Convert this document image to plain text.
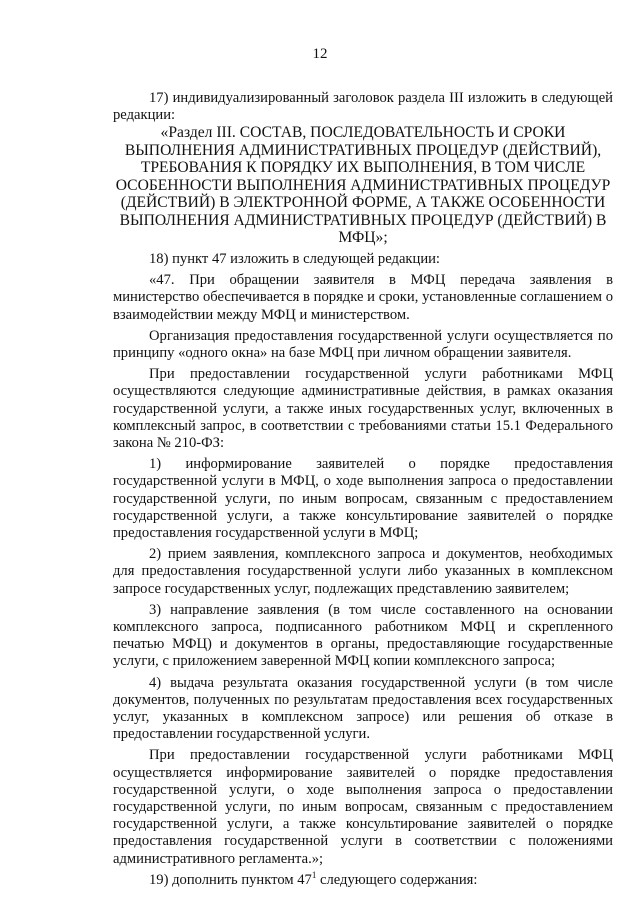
12

17) индивидуализированный заголовок раздела III изложить в следующей редакции:

«Раздел III. СОСТАВ, ПОСЛЕДОВАТЕЛЬНОСТЬ И СРОКИ ВЫПОЛНЕНИЯ АДМИНИСТРАТИВНЫХ ПРОЦЕДУР (ДЕЙСТВИЙ), ТРЕБОВАНИЯ К ПОРЯДКУ ИХ ВЫПОЛНЕНИЯ, В ТОМ ЧИСЛЕ ОСОБЕННОСТИ ВЫПОЛНЕНИЯ АДМИНИСТРАТИВНЫХ ПРОЦЕДУР (ДЕЙСТВИЙ) В ЭЛЕКТРОННОЙ ФОРМЕ, А ТАКЖЕ ОСОБЕННОСТИ ВЫПОЛНЕНИЯ АДМИНИСТРАТИВНЫХ ПРОЦЕДУР (ДЕЙСТВИЙ) В МФЦ»;

18) пункт 47 изложить в следующей редакции:

«47. При обращении заявителя в МФЦ передача заявления в министерство обеспечивается в порядке и сроки, установленные соглашением о взаимодействии между МФЦ и министерством.

Организация предоставления государственной услуги осуществляется по принципу «одного окна» на базе МФЦ при личном обращении заявителя.

При предоставлении государственной услуги работниками МФЦ осуществляются следующие административные действия, в рамках оказания государственной услуги, а также иных государственных услуг, включенных в комплексный запрос, в соответствии с требованиями статьи 15.1 Федерального закона № 210-ФЗ:

1) информирование заявителей о порядке предоставления государственной услуги в МФЦ, о ходе выполнения запроса о предоставлении государственной услуги, по иным вопросам, связанным с предоставлением государственной услуги, а также консультирование заявителей о порядке предоставления государственной услуги в МФЦ;

2) прием заявления, комплексного запроса и документов, необходимых для предоставления государственной услуги либо указанных в комплексном запросе государственных услуг, подлежащих представлению заявителем;

3) направление заявления (в том числе составленного на основании комплексного запроса, подписанного работником МФЦ и скрепленного печатью МФЦ) и документов в органы, предоставляющие государственные услуги, с приложением заверенной МФЦ копии комплексного запроса;

4) выдача результата оказания государственной услуги (в том числе документов, полученных по результатам предоставления всех государственных услуг, указанных в комплексном запросе) или решения об отказе в предоставлении государственной услуги.

При предоставлении государственной услуги работниками МФЦ осуществляется информирование заявителей о порядке предоставления государственной услуги, о ходе выполнения запроса о предоставлении государственной услуги, по иным вопросам, связанным с предоставлением государственной услуги, а также консультирование заявителей о порядке предоставления государственной услуги в соответствии с положениями административного регламента.»;

19) дополнить пунктом $47^1$ следующего содержания:
